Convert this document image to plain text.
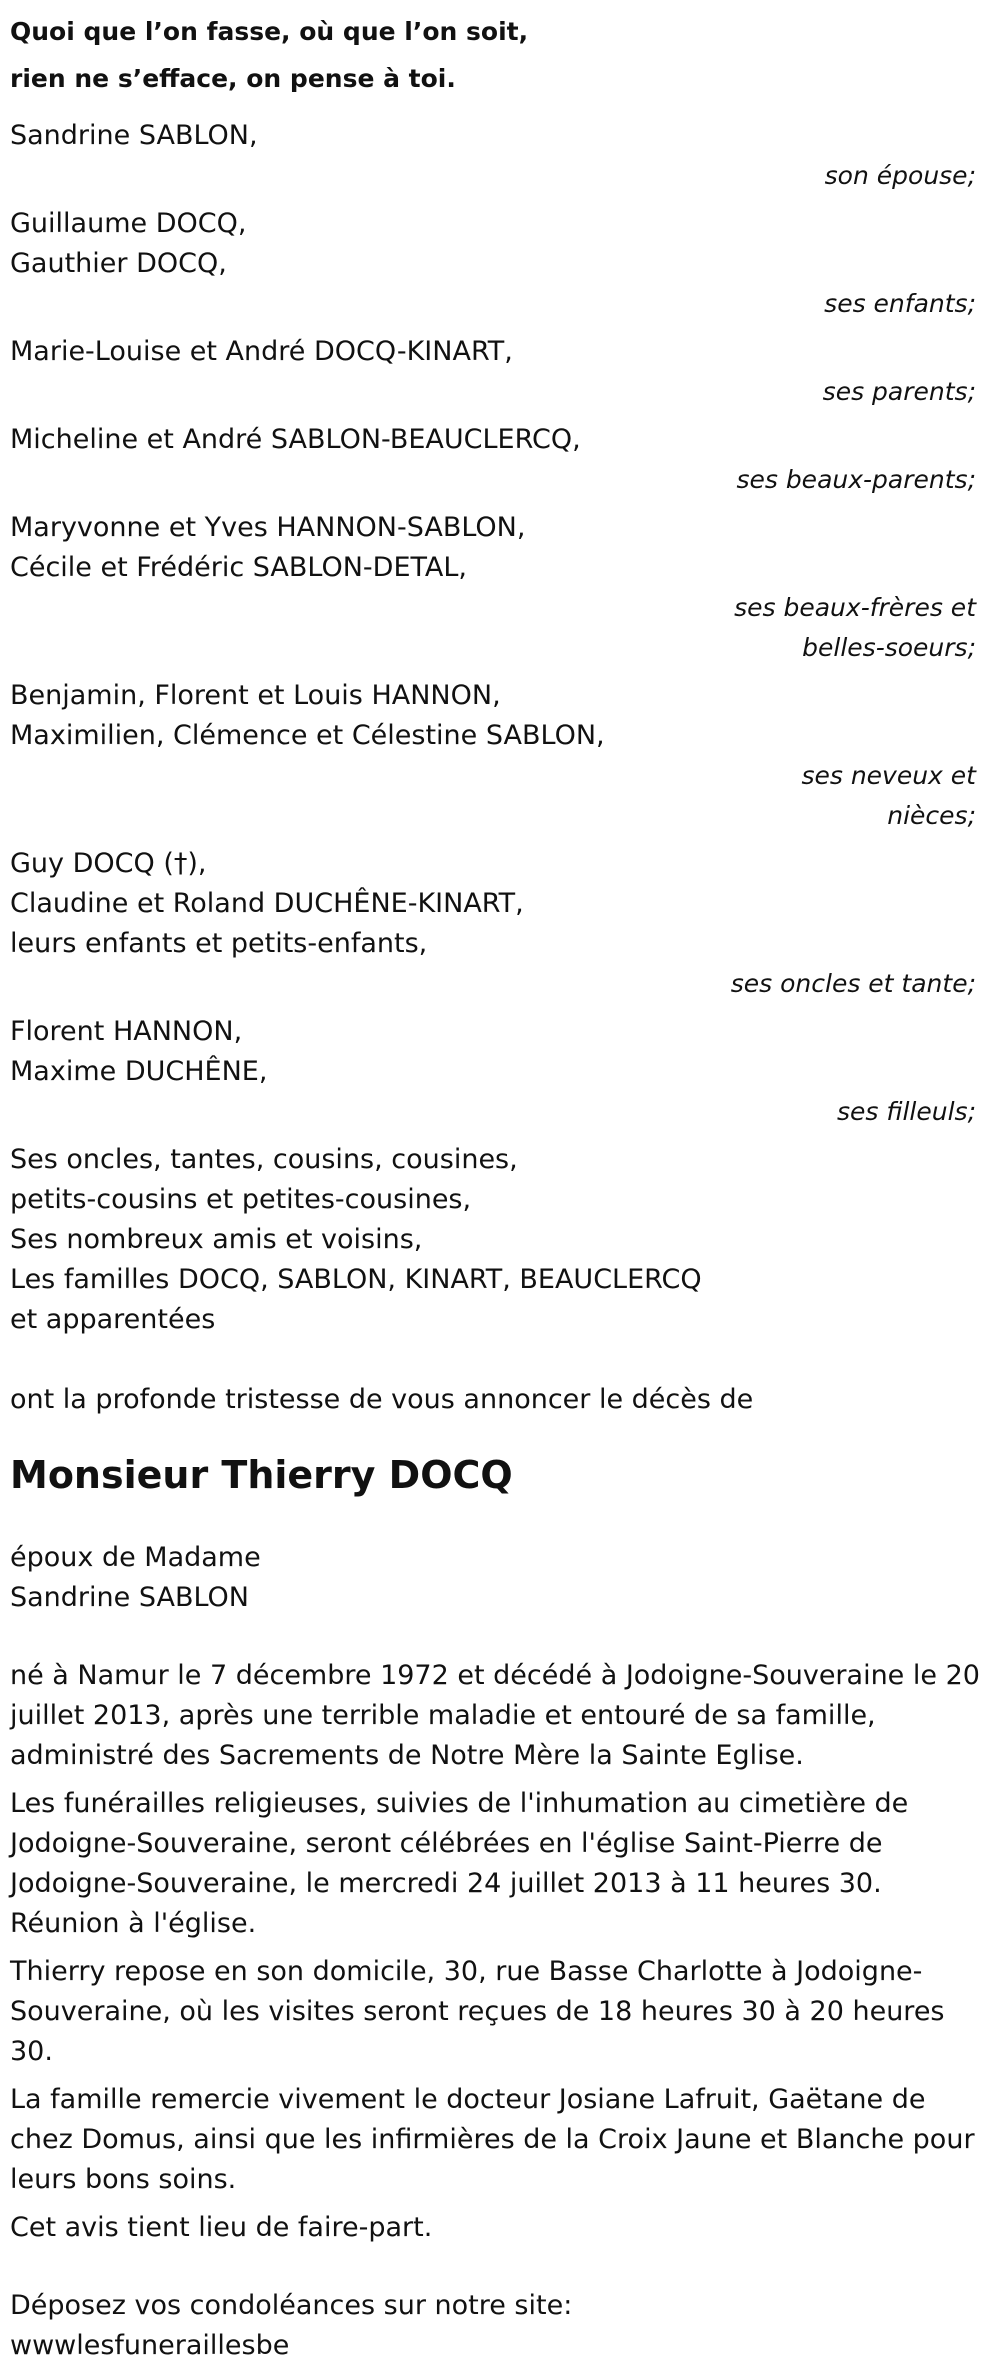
Quoi que l’on fasse, où que l’on soit,
rien ne s’efface, on pense à toi.
Sandrine SABLON,
son épouse;
Guillaume DOCQ,
Gauthier DOCQ,
ses enfants;
Marie-Louise et André DOCQ-KINART,
ses parents;
Micheline et André SABLON-BEAUCLERCQ,
ses beaux-parents;
Maryvonne et Yves HANNON-SABLON,
Cécile et Frédéric SABLON-DETAL,
ses beaux-frères et
belles-soeurs;
Benjamin, Florent et Louis HANNON,
Maximilien, Clémence et Célestine SABLON,
ses neveux et
nièces;
Guy DOCQ (†),
Claudine et Roland DUCHÊNE-KINART,
leurs enfants et petits-enfants,
ses oncles et tante;
Florent HANNON,
Maxime DUCHÊNE,
ses filleuls;
Ses oncles, tantes, cousins, cousines,
petits-cousins et petites-cousines,
Ses nombreux amis et voisins,
Les familles DOCQ, SABLON, KINART, BEAUCLERCQ
et apparentées
ont la profonde tristesse de vous annoncer le décès de
Monsieur Thierry DOCQ
époux de Madame
Sandrine SABLON
né à Namur le 7 décembre 1972 et décédé à Jodoigne-Souveraine le 20 juillet 2013, après une terrible maladie et entouré de sa famille, administré des Sacrements de Notre Mère la Sainte Eglise.
Les funérailles religieuses, suivies de l'inhumation au cimetière de Jodoigne-Souveraine, seront célébrées en l'église Saint-Pierre de Jodoigne-Souveraine, le mercredi 24 juillet 2013 à 11 heures 30. Réunion à l'église.
Thierry repose en son domicile, 30, rue Basse Charlotte à Jodoigne-Souveraine, où les visites seront reçues de 18 heures 30 à 20 heures 30.
La famille remercie vivement le docteur Josiane Lafruit, Gaëtane de chez Domus, ainsi que les infirmières de la Croix Jaune et Blanche pour leurs bons soins.
Cet avis tient lieu de faire-part.
Déposez vos condoléances sur notre site:
wwwlesfuneraillesbe
